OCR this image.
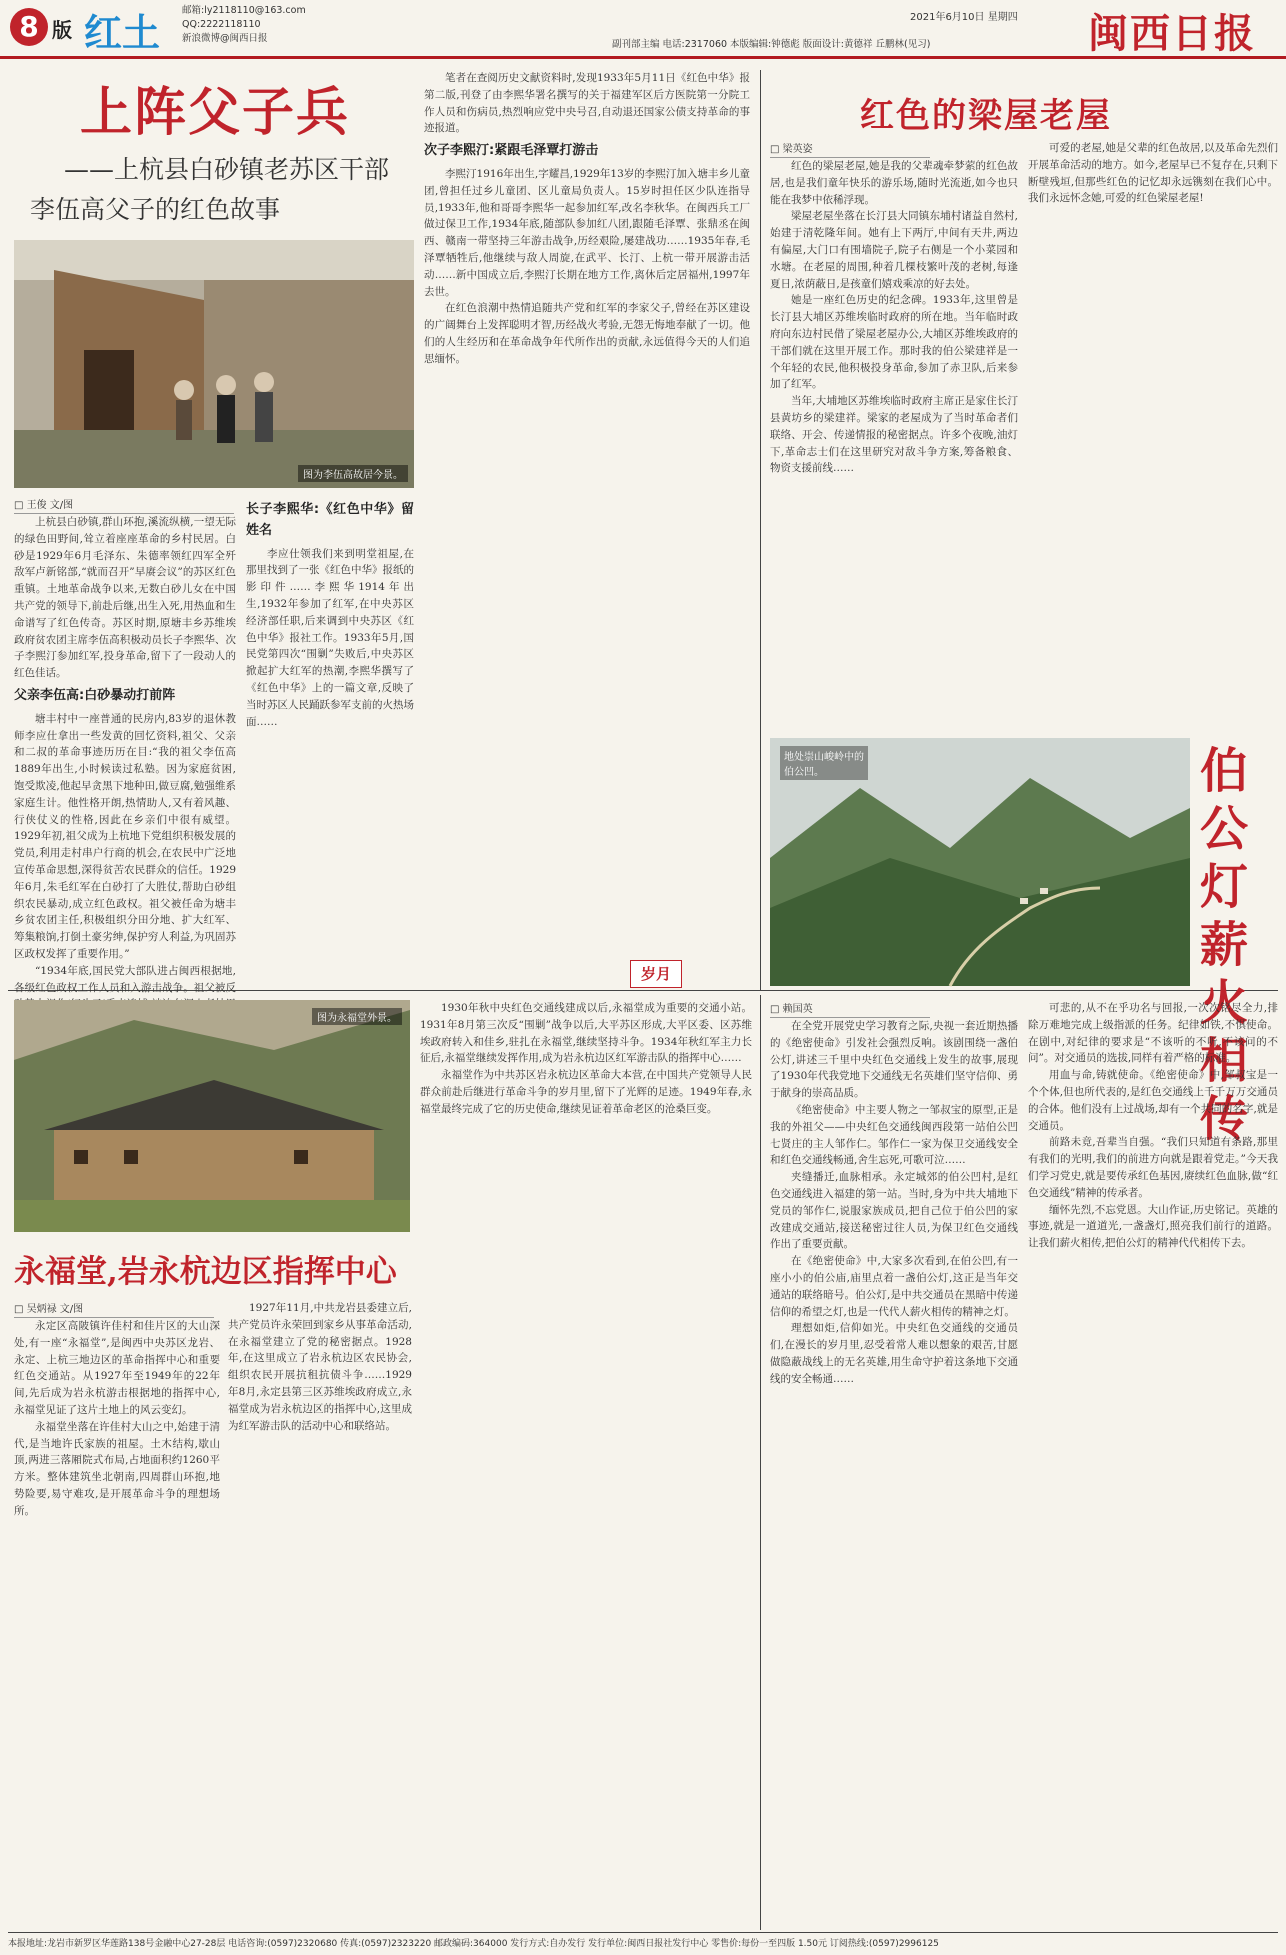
8 版 红土
邮箱:ly2118110@163.com
QQ:2222118110
新浪微博@闽西日报
副刊部主编 电话:2317060 本版编辑:钟德彪 版面设计:黄德祥 丘鹏林(见习)
2021年6月10日 星期四 闽西日报
上阵父子兵
——上杭县白砂镇老苏区干部
李伍高父子的红色故事
图为李伍高故居今景。
□ 王俊 文/图

上杭县白砂镇,群山环抱,溪流纵横,一望无际的绿色田野间,耸立着座座革命的乡村民居。白砂是1929年6月毛泽东、朱德率领红四军全歼敌军卢新铭部,“就而召开”早赓会议”的苏区红色重镇。土地革命战争以来,无数白砂儿女在中国共产党的领导下,前赴后继,出生入死,用热血和生命谱写了红色传奇。苏区时期,原塘丰乡苏维埃政府贫农团主席李伍高积极动员长子李熙华、次子李熙汀参加红军,投身革命,留下了一段动人的红色佳话。

父亲李伍高:白砂暴动打前阵

塘丰村中一座普通的民房内,83岁的退休教师李应仕拿出一些发黄的回忆资料,祖父、父亲和二叔的革命事迹历历在目:“我的祖父李伍高1889年出生,小时候读过私塾。因为家庭贫困,饱受欺凌,他起早贪黑下地种田,做豆腐,勉强维系家庭生计。他性格开朗,热情助人,又有着风趣、行侠仗义的性格,因此在乡亲们中很有威望。1929年初,祖父成为上杭地下党组织积极发展的党员,利用走村串户行商的机会,在农民中广泛地宣传革命思想,深得贫苦农民群众的信任。1929年6月,朱毛红军在白砂打了大胜仗,帮助白砂组织农民暴动,成立红色政权。祖父被任命为塘丰乡贫农团主任,积极组织分田分地、扩大红军、筹集粮饷,打倒土豪劣绅,保护穷人利益,为巩固苏区政权发挥了重要作用。”

“1934年底,国民党大部队进占闽西根据地,各级红色政权工作人员和入游击战争。祖父被反

长子李熙华:《红色中华》留姓名

李应仕领我们来到明堂祖屋,在那里找到了一张《红色中华》报纸的影印件……李熙华1914年出生,1932年参加了红军,在中央苏区经济部任职,后来调到中央苏区《红色中华》报社工作。1933年5月,国民党第四次“围剿”失败后,中央苏区掀起扩大红军的热潮,李熙华撰写了《红色中华》上的一篇文章,反映了当时苏区人民踊跃参军支前的火热场面……

笔者在查阅历史文献资料时,发现1933年5月11日《红色中华》报第二版,刊登了由李熙华署名撰写的关于福建军区后方医院第一分院工作人员和伤病员,热烈响应党中央号召,自动退还国家公债支持革命的事迹报道。

次子李熙汀:紧跟毛泽覃打游击

李熙汀1916年出生,字耀昌,1929年13岁的李熙汀加入塘丰乡儿童团,曾担任过乡儿童团、区儿童局负责人。15岁时担任区少队连指导员,1933年,他和哥哥李熙华一起参加红军,改名李秋华。在闽西兵工厂做过保卫工作,1934年底,随部队参加红八团,跟随毛泽覃、张鼎丞在闽西、赣南一带坚持三年游击战争,历经艰险,屡建战功……1935年春,毛泽覃牺牲后,他继续与敌人周旋,在武平、长汀、上杭一带开展游击活动……新中国成立后,李熙汀长期在地方工作,离休后定居福州,1997年去世。

在红色浪潮中热情追随共产党和红军的李家父子,曾经在苏区建设的广阔舞台上发挥聪明才智,历经战火考验,无怨无悔地奉献了一切。他们的人生经历和在革命战争年代所作出的贡献,永远值得今天的人们追思缅怀。

岁月
红色的梁屋老屋
□ 梁英姿

红色的梁屋老屋,她是我的父辈魂牵梦萦的红色故居,也是我们童年快乐的游乐场,随时光流逝,如今也只能在我梦中依稀浮现。

梁屋老屋坐落在长汀县大同镇东埔村诸益自然村,始建于清乾隆年间。她有上下两厅,中间有天井,两边有偏屋,大门口有围墙院子,院子右侧是一个小菜园和水塘。在老屋的周围,种着几棵枝繁叶茂的老树,每逢夏日,浓荫蔽日,是孩童们嬉戏乘凉的好去处。

她是一座红色历史的纪念碑。1933年,这里曾是长汀县大埔区苏维埃临时政府的所在地。当年临时政府向东边村民借了梁屋老屋办公,大埔区苏维埃政府的干部们就在这里开展工作。那时我的伯公梁建祥是一个年轻的农民,他积极投身革命,参加了赤卫队,后来参加了红军。

当年,大埔地区苏维埃临时政府主席正是家住长汀县黄坊乡的梁建祥。梁家的老屋成为了当时革命者们联络、开会、传递情报的秘密据点。许多个夜晚,油灯下,革命志士们在这里研究对敌斗争方案,筹备粮食、物资支援前线……

可爱的老屋,她是父辈的红色故居,以及革命先烈们开展革命活动的地方。如今,老屋早已不复存在,只剩下断壁残垣,但那些红色的记忆却永远镌刻在我们心中。我们永远怀念她,可爱的红色梁屋老屋!

地处崇山峻岭中的伯公凹。	伯公灯薪火相传
图为永福堂外景。
永福堂,岩永杭边区指挥中心
□ 吴炳禄 文/图

永定区高陂镇许佳村和佳片区的大山深处,有一座“永福堂”,是闽西中央苏区龙岩、永定、上杭三地边区的革命指挥中心和重要红色交通站。从1927年至1949年的22年间,先后成为岩永杭游击根据地的指挥中心,永福堂见证了这片土地上的风云变幻。

永福堂坐落在许佳村大山之中,始建于清代,是当地许氏家族的祖屋。土木结构,歇山顶,两进三落厢院式布局,占地面积约1260平方米。整体建筑坐北朝南,四周群山环抱,地势险要,易守难攻,是开展革命斗争的理想场所。

1927年11月,中共龙岩县委建立后,共产党员许永荣回到家乡从事革命活动,在永福堂建立了党的秘密据点。1928年,在这里成立了岩永杭边区农民协会,组织农民开展抗租抗债斗争……1929年8月,永定县第三区苏维埃政府成立,永福堂成为岩永杭边区的指挥中心,这里成为红军游击队的活动中心和联络站。

1930年秋中央红色交通线建成以后,永福堂成为重要的交通小站。1931年8月第三次反“围剿”战争以后,大平苏区形成,大平区委、区苏维埃政府转入和佳乡,驻扎在永福堂,继续坚持斗争。1934年秋红军主力长征后,永福堂继续发挥作用,成为岩永杭边区红军游击队的指挥中心……

永福堂作为中共苏区岩永杭边区革命大本营,在中国共产党领导人民群众前赴后继进行革命斗争的岁月里,留下了光辉的足迹。1949年春,永福堂最终完成了它的历史使命,继续见证着革命老区的沧桑巨变。

□ 赖国英

在全党开展党史学习教育之际,央视一套近期热播的《绝密使命》引发社会强烈反响。该剧围绕一盏伯公灯,讲述三千里中央红色交通线上发生的故事,展现了1930年代我党地下交通线无名英雄们坚守信仰、勇于献身的崇高品质。

《绝密使命》中主要人物之一邹叔宝的原型,正是我的外祖父——中央红色交通线闽西段第一站伯公凹七贤庄的主人邹作仁。邹作仁一家为保卫交通线安全和红色交通线畅通,舍生忘死,可歌可泣……

夹缝播迁,血脉相承。永定城郊的伯公凹村,是红色交通线进入福建的第一站。当时,身为中共大埔地下党员的邹作仁,说服家族成员,把自己位于伯公凹的家改建成交通站,接送秘密过往人员,为保卫红色交通线作出了重要贡献。

在《绝密使命》中,大家多次看到,在伯公凹,有一座小小的伯公庙,庙里点着一盏伯公灯,这正是当年交通站的联络暗号。伯公灯,是中共交通员在黑暗中传递信仰的希望之灯,也是一代代人薪火相传的精神之灯。

理想如炬,信仰如光。中央红色交通线的交通员们,在漫长的岁月里,忍受着常人难以想象的艰苦,甘愿做隐蔽战线上的无名英雄,用生命守护着这条地下交通线的安全畅通……

可悲的,从不在乎功名与回报,一次次铭尽全力,排除万难地完成上级指派的任务。纪律如铁,不惧使命。在剧中,对纪律的要求是“不该听的不听,不该问的不问”。对交通员的选拔,同样有着严格的标准。

用血与命,铸就使命。《绝密使命》中,邹叔宝是一个个体,但也所代表的,是红色交通线上千千万万交通员的合体。他们没有上过战场,却有一个共同的名字,就是交通员。

前路未竟,吾辈当自强。“我们只知道有条路,那里有我们的光明,我们的前进方向就是跟着党走。”今天我们学习党史,就是要传承红色基因,赓续红色血脉,做“红色交通线”精神的传承者。

缅怀先烈,不忘党恩。大山作证,历史铭记。英雄的事迹,就是一道道光,一盏盏灯,照亮我们前行的道路。让我们薪火相传,把伯公灯的精神代代相传下去。

本报地址:龙岩市新罗区华莲路138号金融中心27-28层 电话咨询:(0597)2320680 传真:(0597)2323220 邮政编码:364000 发行方式:自办发行 发行单位:闽西日报社发行中心 零售价:每份一至四版 1.50元 订阅热线:(0597)2996125
